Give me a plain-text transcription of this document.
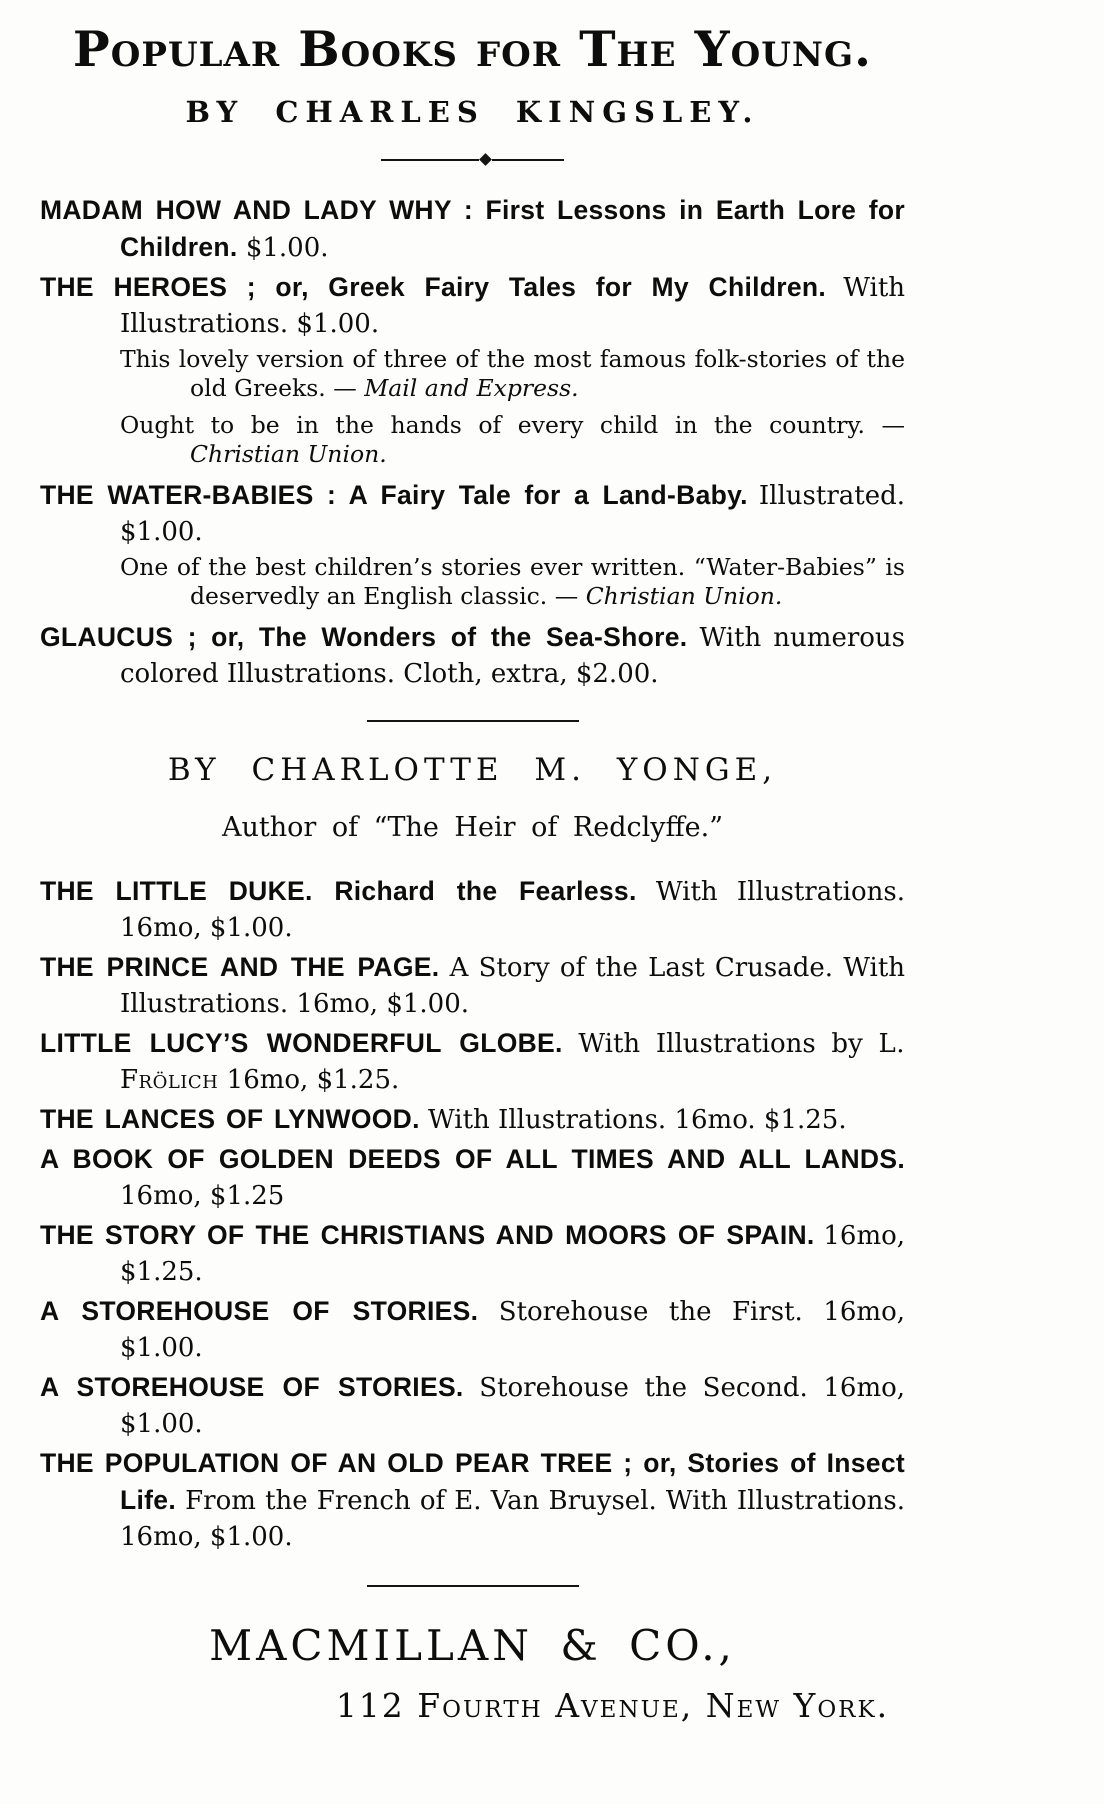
Popular Books for The Young.
BY CHARLES KINGSLEY.

MADAM HOW AND LADY WHY : First Lessons in Earth Lore for Children. $1.00.

THE HEROES ; or, Greek Fairy Tales for My Children. With Illustrations. $1.00.

This lovely version of three of the most famous folk-stories of the old Greeks. — Mail and Express.

Ought to be in the hands of every child in the country. — Christian Union.

THE WATER-BABIES : A Fairy Tale for a Land-Baby. Illustrated. $1.00.

One of the best children’s stories ever written. “Water-Babies” is deservedly an English classic. — Christian Union.

GLAUCUS ; or, The Wonders of the Sea-Shore. With numerous colored Illustrations. Cloth, extra, $2.00.

BY CHARLOTTE M. YONGE,
Author of “The Heir of Redclyffe.”

THE LITTLE DUKE. Richard the Fearless. With Illustrations. 16mo, $1.00.

THE PRINCE AND THE PAGE. A Story of the Last Crusade. With Illustrations. 16mo, $1.00.

LITTLE LUCY’S WONDERFUL GLOBE. With Illustrations by L. Frölich 16mo, $1.25.

THE LANCES OF LYNWOOD. With Illustrations. 16mo. $1.25.

A BOOK OF GOLDEN DEEDS OF ALL TIMES AND ALL LANDS. 16mo, $1.25

THE STORY OF THE CHRISTIANS AND MOORS OF SPAIN. 16mo, $1.25.

A STOREHOUSE OF STORIES. Storehouse the First. 16mo, $1.00.

A STOREHOUSE OF STORIES. Storehouse the Second. 16mo, $1.00.

THE POPULATION OF AN OLD PEAR TREE ; or, Stories of Insect Life. From the French of E. Van Bruysel. With Illustrations. 16mo, $1.00.

MACMILLAN & CO.,
112 Fourth Avenue, New York.
